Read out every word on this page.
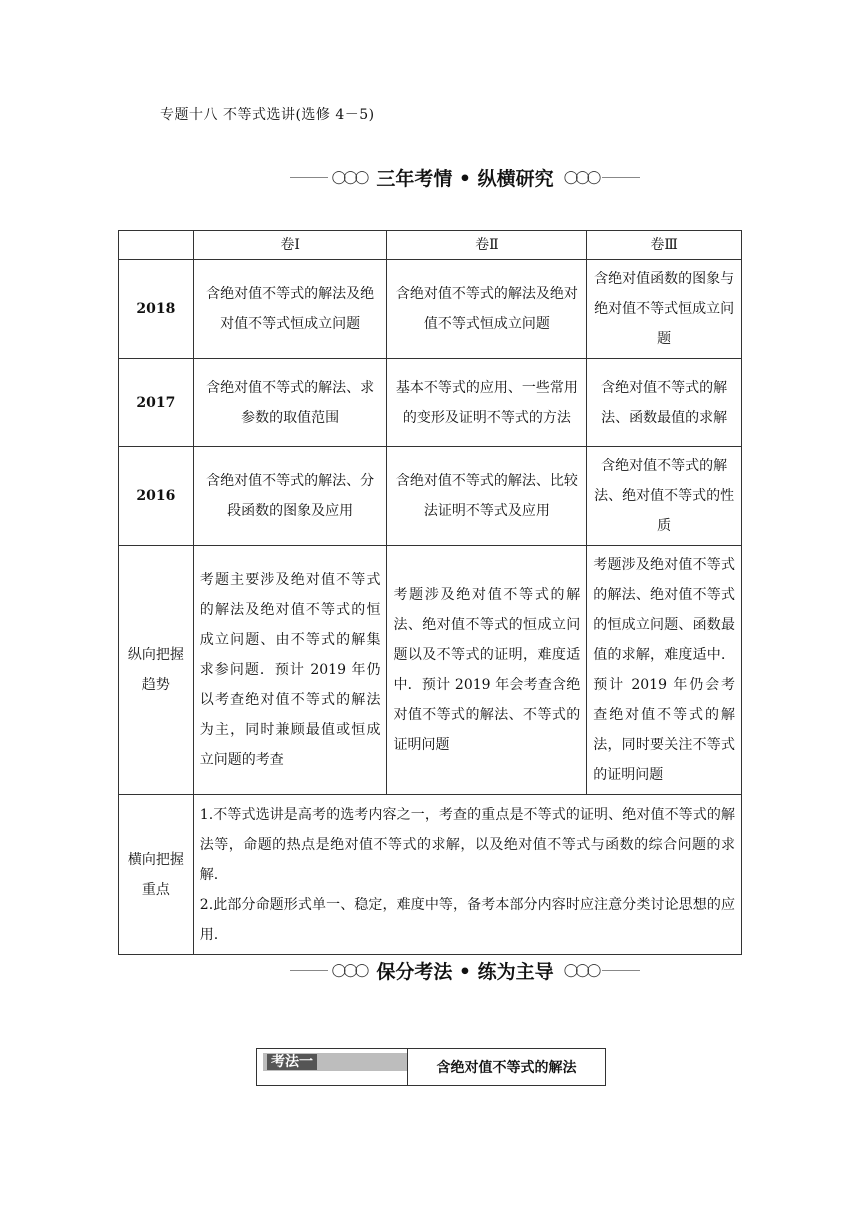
专题十八 不等式选讲(选修 4－5)
◯◯◯ 三年考情 • 纵横研究 ◯◯◯
	卷Ⅰ	卷Ⅱ	卷Ⅲ
2018	含绝对值不等式的解法及绝对值不等式恒成立问题	含绝对值不等式的解法及绝对值不等式恒成立问题	含绝对值函数的图象与绝对值不等式恒成立问题
2017	含绝对值不等式的解法、求参数的取值范围	基本不等式的应用、一些常用的变形及证明不等式的方法	含绝对值不等式的解法、函数最值的求解
2016	含绝对值不等式的解法、分段函数的图象及应用	含绝对值不等式的解法、比较法证明不等式及应用	含绝对值不等式的解法、绝对值不等式的性质
纵向把握趋势	考题主要涉及绝对值不等式的解法及绝对值不等式的恒成立问题、由不等式的解集求参问题．预计 2019 年仍以考查绝对值不等式的解法为主，同时兼顾最值或恒成立问题的考查	考题涉及绝对值不等式的解法、绝对值不等式的恒成立问题以及不等式的证明，难度适中．预计 2019 年会考查含绝对值不等式的解法、不等式的证明问题	考题涉及绝对值不等式的解法、绝对值不等式的恒成立问题、函数最值的求解，难度适中．预计 2019 年仍会考查绝对值不等式的解法，同时要关注不等式的证明问题
横向把握重点	1.不等式选讲是高考的选考内容之一，考查的重点是不等式的证明、绝对值不等式的解法等，命题的热点是绝对值不等式的求解，以及绝对值不等式与函数的综合问题的求解.
2.此部分命题形式单一、稳定，难度中等，备考本部分内容时应注意分类讨论思想的应用.		
◯◯◯ 保分考法 • 练为主导 ◯◯◯
考法一	含绝对值不等式的解法
